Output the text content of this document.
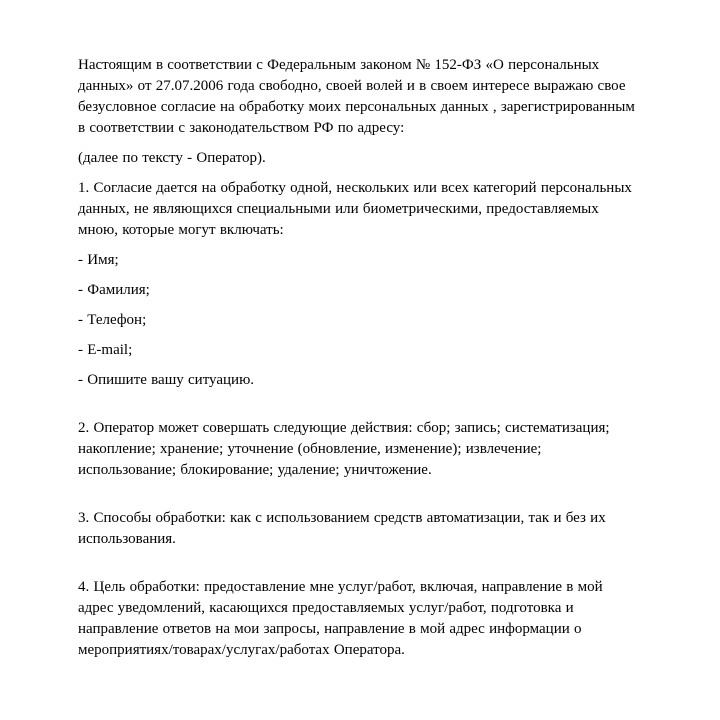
Настоящим в соответствии с Федеральным законом № 152-ФЗ «О персональных данных» от 27.07.2006 года свободно, своей волей и в своем интересе выражаю свое безусловное согласие на обработку моих персональных данных , зарегистрированным в соответствии с законодательством РФ по адресу:

(далее по тексту - Оператор).

1. Согласие дается на обработку одной, нескольких или всех категорий персональных данных, не являющихся специальными или биометрическими, предоставляемых мною, которые могут включать:

- Имя;

- Фамилия;

- Телефон;

- E-mail;

- Опишите вашу ситуацию.

2. Оператор может совершать следующие действия: сбор; запись; систематизация; накопление; хранение; уточнение (обновление, изменение); извлечение; использование; блокирование; удаление; уничтожение.

3. Способы обработки: как с использованием средств автоматизации, так и без их использования.

4. Цель обработки: предоставление мне услуг/работ, включая, направление в мой адрес уведомлений, касающихся предоставляемых услуг/работ, подготовка и направление ответов на мои запросы, направление в мой адрес информации о мероприятиях/товарах/услугах/работах Оператора.
